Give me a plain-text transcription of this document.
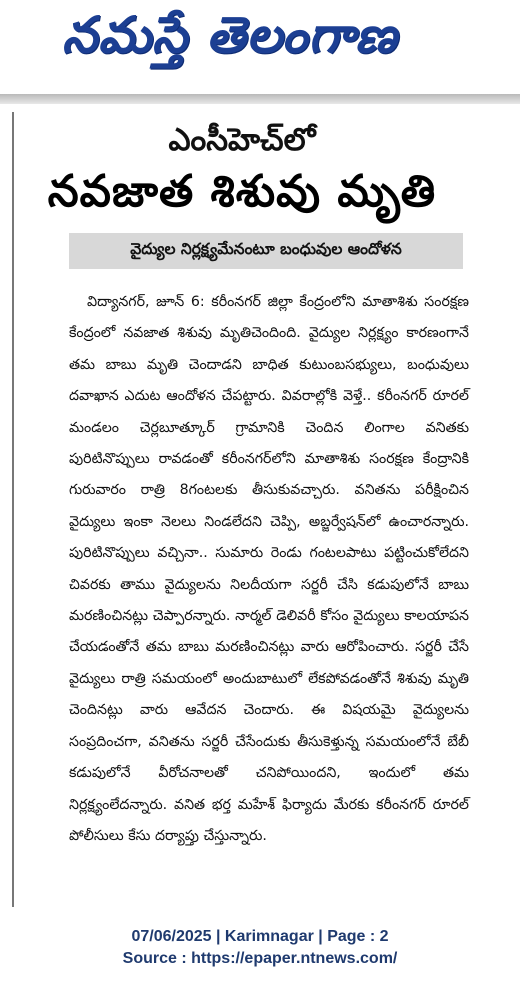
నమస్తే తెలంగాణ
ఎంసీహెచ్‌లో
నవజాత శిశువు మృతి
వైద్యుల నిర్లక్ష్యమేనంటూ బంధువుల ఆందోళన

విద్యానగర్, జూన్ 6: కరీంనగర్ జిల్లా కేంద్రంలోని మాతాశిశు సంరక్షణ కేంద్రంలో నవజాత శిశువు మృతిచెందింది. వైద్యుల నిర్లక్ష్యం కారణంగానే తమ బాబు మృతి చెందాడని బాధిత కుటుంబసభ్యులు, బంధువులు దవాఖాన ఎదుట ఆందోళన చేపట్టారు. వివరాల్లోకి వెళ్తే.. కరీంనగర్ రూరల్ మండలం చెర్లబూత్కూర్ గ్రామానికి చెందిన లింగాల వనితకు పురిటినొప్పులు రావడంతో కరీంనగర్‌లోని మాతాశిశు సంరక్షణ కేంద్రానికి గురువారం రాత్రి 8గంటలకు తీసుకువచ్చారు. వనితను పరీక్షించిన వైద్యులు ఇంకా నెలలు నిండలేదని చెప్పి, అబ్జర్వేషన్‌లో ఉంచారన్నారు. పురిటినొప్పులు వచ్చినా.. సుమారు రెండు గంటలపాటు పట్టించుకోలేదని చివరకు తాము వైద్యులను నిలదీయగా సర్జరీ చేసి కడుపులోనే బాబు మరణించినట్లు చెప్పారన్నారు. నార్మల్ డెలివరీ కోసం వైద్యులు కాలయాపన చేయడంతోనే తమ బాబు మరణించినట్లు వారు ఆరోపించారు. సర్జరీ చేసే వైద్యులు రాత్రి సమయంలో అందుబాటులో లేకపోవడంతోనే శిశువు మృతి చెందినట్లు వారు ఆవేదన చెందారు. ఈ విషయమై వైద్యులను సంప్రదించగా, వనితను సర్జరీ చేసేందుకు తీసుకెళ్తున్న సమయంలోనే బేబీ కడుపులోనే వీరోచనాలతో చనిపోయిందని, ఇందులో తమ నిర్లక్ష్యంలేదన్నారు. వనిత భర్త మహేశ్ ఫిర్యాదు మేరకు కరీంనగర్ రూరల్ పోలీసులు కేసు దర్యాప్తు చేస్తున్నారు.

07/06/2025 | Karimnagar | Page : 2
Source : https://epaper.ntnews.com/
